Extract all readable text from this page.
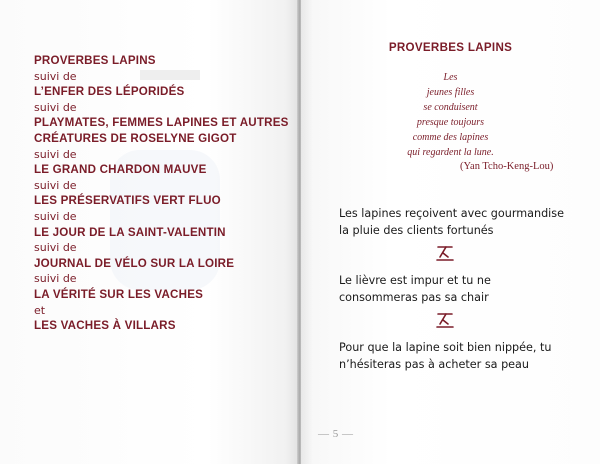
PROVERBES LAPINS
suivi de
L’ENFER DES LÉPORIDÉS
suivi de
PLAYMATES, FEMMES LAPINES ET AUTRES
CRÉATURES DE ROSELYNE GIGOT
suivi de
LE GRAND CHARDON MAUVE
suivi de
LES PRÉSERVATIFS VERT FLUO
suivi de
LE JOUR DE LA SAINT-VALENTIN
suivi de
JOURNAL DE VÉLO SUR LA LOIRE
suivi de
LA VÉRITÉ SUR LES VACHES
et
LES VACHES À VILLARS
PROVERBES LAPINS
Les
jeunes filles
se conduisent
presque toujours
comme des lapines
qui regardent la lune.
(Yan Tcho-Keng-Lou)
Les lapines reçoivent avec gourmandise la pluie des clients fortunés
Le lièvre est impur et tu ne consommeras pas sa chair
Pour que la lapine soit bien nippée, tu n’hésiteras pas à acheter sa peau
— 5 —
